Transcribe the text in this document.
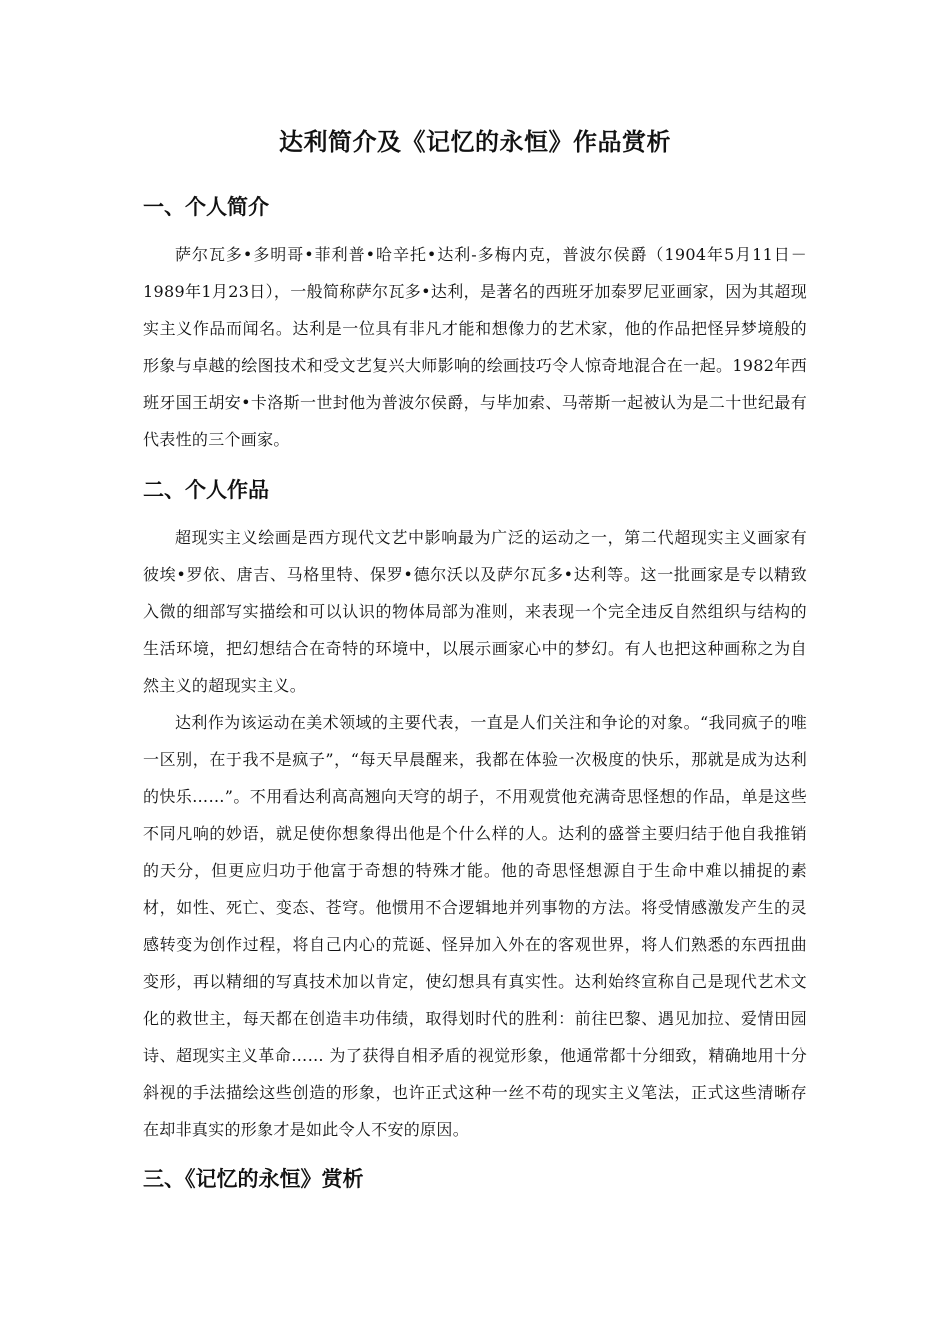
达利简介及《记忆的永恒》作品赏析
一、个人简介

萨尔瓦多•多明哥•菲利普•哈辛托•达利-多梅内克，普波尔侯爵（1904年5月11日－1989年1月23日），一般简称萨尔瓦多•达利，是著名的西班牙加泰罗尼亚画家，因为其超现实主义作品而闻名。达利是一位具有非凡才能和想像力的艺术家，他的作品把怪异梦境般的形象与卓越的绘图技术和受文艺复兴大师影响的绘画技巧令人惊奇地混合在一起。1982年西班牙国王胡安•卡洛斯一世封他为普波尔侯爵，与毕加索、马蒂斯一起被认为是二十世纪最有代表性的三个画家。

二、个人作品

超现实主义绘画是西方现代文艺中影响最为广泛的运动之一，第二代超现实主义画家有彼埃•罗依、唐吉、马格里特、保罗•德尔沃以及萨尔瓦多•达利等。这一批画家是专以精致入微的细部写实描绘和可以认识的物体局部为准则，来表现一个完全违反自然组织与结构的生活环境，把幻想结合在奇特的环境中，以展示画家心中的梦幻。有人也把这种画称之为自然主义的超现实主义。

达利作为该运动在美术领域的主要代表，一直是人们关注和争论的对象。“我同疯子的唯一区别，在于我不是疯子”，“每天早晨醒来，我都在体验一次极度的快乐，那就是成为达利的快乐……”。不用看达利高高翘向天穹的胡子，不用观赏他充满奇思怪想的作品，单是这些不同凡响的妙语，就足使你想象得出他是个什么样的人。达利的盛誉主要归结于他自我推销的天分，但更应归功于他富于奇想的特殊才能。他的奇思怪想源自于生命中难以捕捉的素材，如性、死亡、变态、苍穹。他惯用不合逻辑地并列事物的方法。将受情感激发产生的灵感转变为创作过程，将自己内心的荒诞、怪异加入外在的客观世界，将人们熟悉的东西扭曲变形，再以精细的写真技术加以肯定，使幻想具有真实性。达利始终宣称自己是现代艺术文化的救世主，每天都在创造丰功伟绩，取得划时代的胜利：前往巴黎、遇见加拉、爱情田园诗、超现实主义革命…… 为了获得自相矛盾的视觉形象，他通常都十分细致，精确地用十分斜视的手法描绘这些创造的形象，也许正式这种一丝不苟的现实主义笔法，正式这些清晰存在却非真实的形象才是如此令人不安的原因。

三、《记忆的永恒》赏析
